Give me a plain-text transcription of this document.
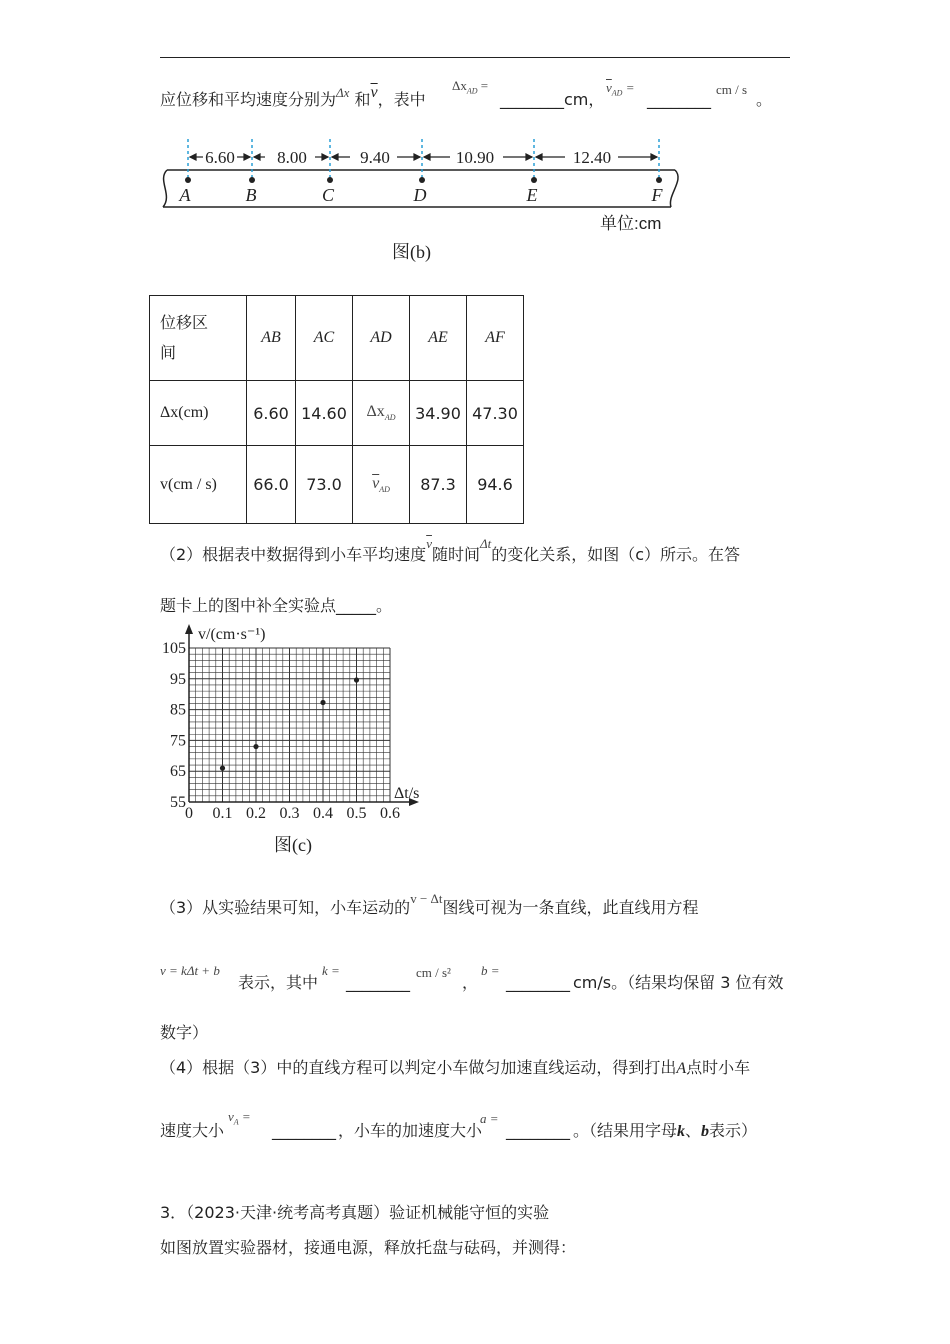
应位移和平均速度分别为$^{\Delta x}$ 和$\overline{v}$，表中
$\Delta x_{AD}$ =
________cm，
$\overline{v}_{AD}$ =
________
cm / s
。
6.60 8.00	9.40	10.90	12.40
A	B	C	D	E	F
单位:cm
图(b)
位移区
间	AB	AC	AD	AE	AF
Δx(cm)	6.60	14.60	$\Delta x_{AD}$	34.90	47.30
v(cm / s)	66.0	73.0	$\overline{v}_{AD}$	87.3	94.6
（2）根据表中数据得到小车平均速度$^{\overline{v}}$随时间$^{\Delta t}$的变化关系，如图（c）所示。在答
题卡上的图中补全实验点_____。
0 0.1 0.2 0.3 0.4 0.5 0.6
55
65
75
85
95
105
v/(cm·s⁻¹)
Δt/s
图(c)
（3）从实验结果可知，小车运动的$^{v - \Delta t}$图线可视为一条直线，此直线用方程
v = kΔt + b
表示，其中
k =
________
cm / s²
，
b =
________ cm/s。（结果均保留 3 位有效
数字）
（4）根据（3）中的直线方程可以判定小车做匀加速直线运动，得到打出A点时小车
速度大小
$v_A$ =
________ ，小车的加速度大小
a =
________ 。（结果用字母k、b表示）
3．（2023·天津·统考高考真题）验证机械能守恒的实验
如图放置实验器材，接通电源，释放托盘与砝码，并测得：
